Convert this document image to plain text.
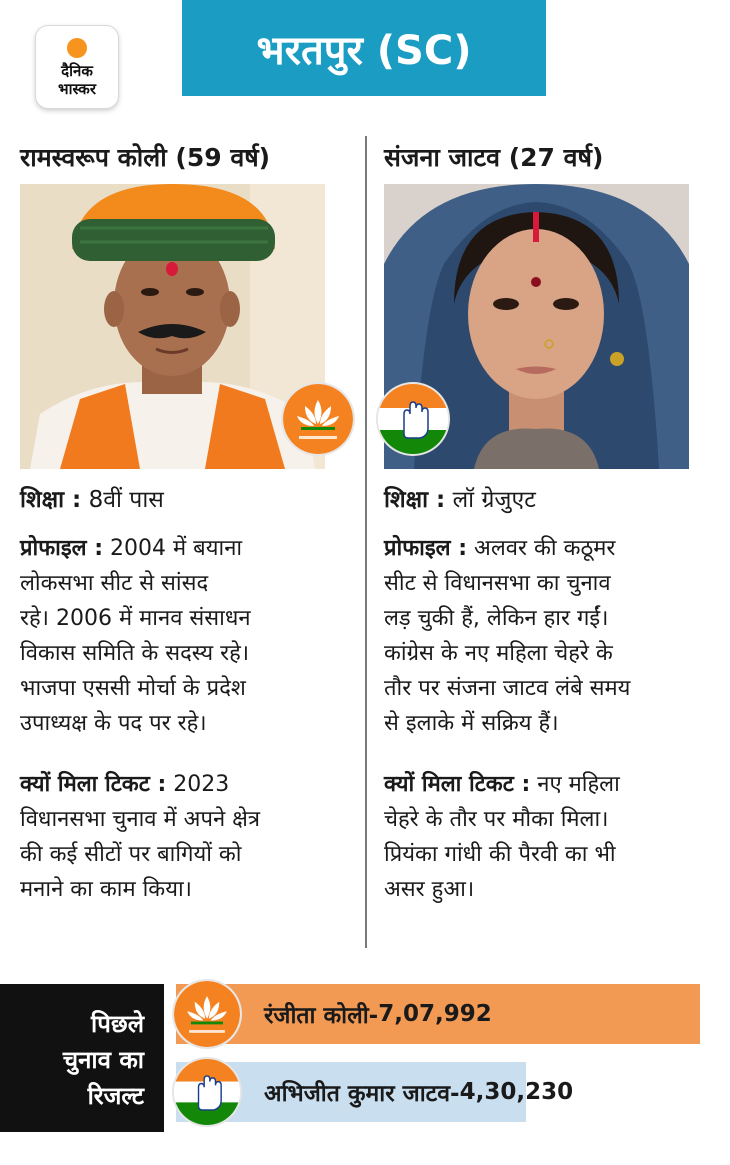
दैनिक
भास्कर
भरतपुर (SC)
रामस्वरूप कोली (59 वर्ष)
शिक्षा : 8वीं पास
प्रोफाइल : 2004 में बयाना
लोकसभा सीट से सांसद
रहे। 2006 में मानव संसाधन
विकास समिति के सदस्य रहे।
भाजपा एससी मोर्चा के प्रदेश
उपाध्यक्ष के पद पर रहे।
क्यों मिला टिकट : 2023
विधानसभा चुनाव में अपने क्षेत्र
की कई सीटों पर बागियों को
मनाने का काम किया।
संजना जाटव (27 वर्ष)
शिक्षा : लॉ ग्रेजुएट
प्रोफाइल : अलवर की कठूमर
सीट से विधानसभा का चुनाव
लड़ चुकी हैं, लेकिन हार गईं।
कांग्रेस के नए महिला चेहरे के
तौर पर संजना जाटव लंबे समय
से इलाके में सक्रिय हैं।
क्यों मिला टिकट : नए महिला
चेहरे के तौर पर मौका मिला।
प्रियंका गांधी की पैरवी का भी
असर हुआ।
पिछले
चुनाव का
रिजल्ट
रंजीता कोली- 7,07,992
अभिजीत कुमार जाटव- 4,30,230
